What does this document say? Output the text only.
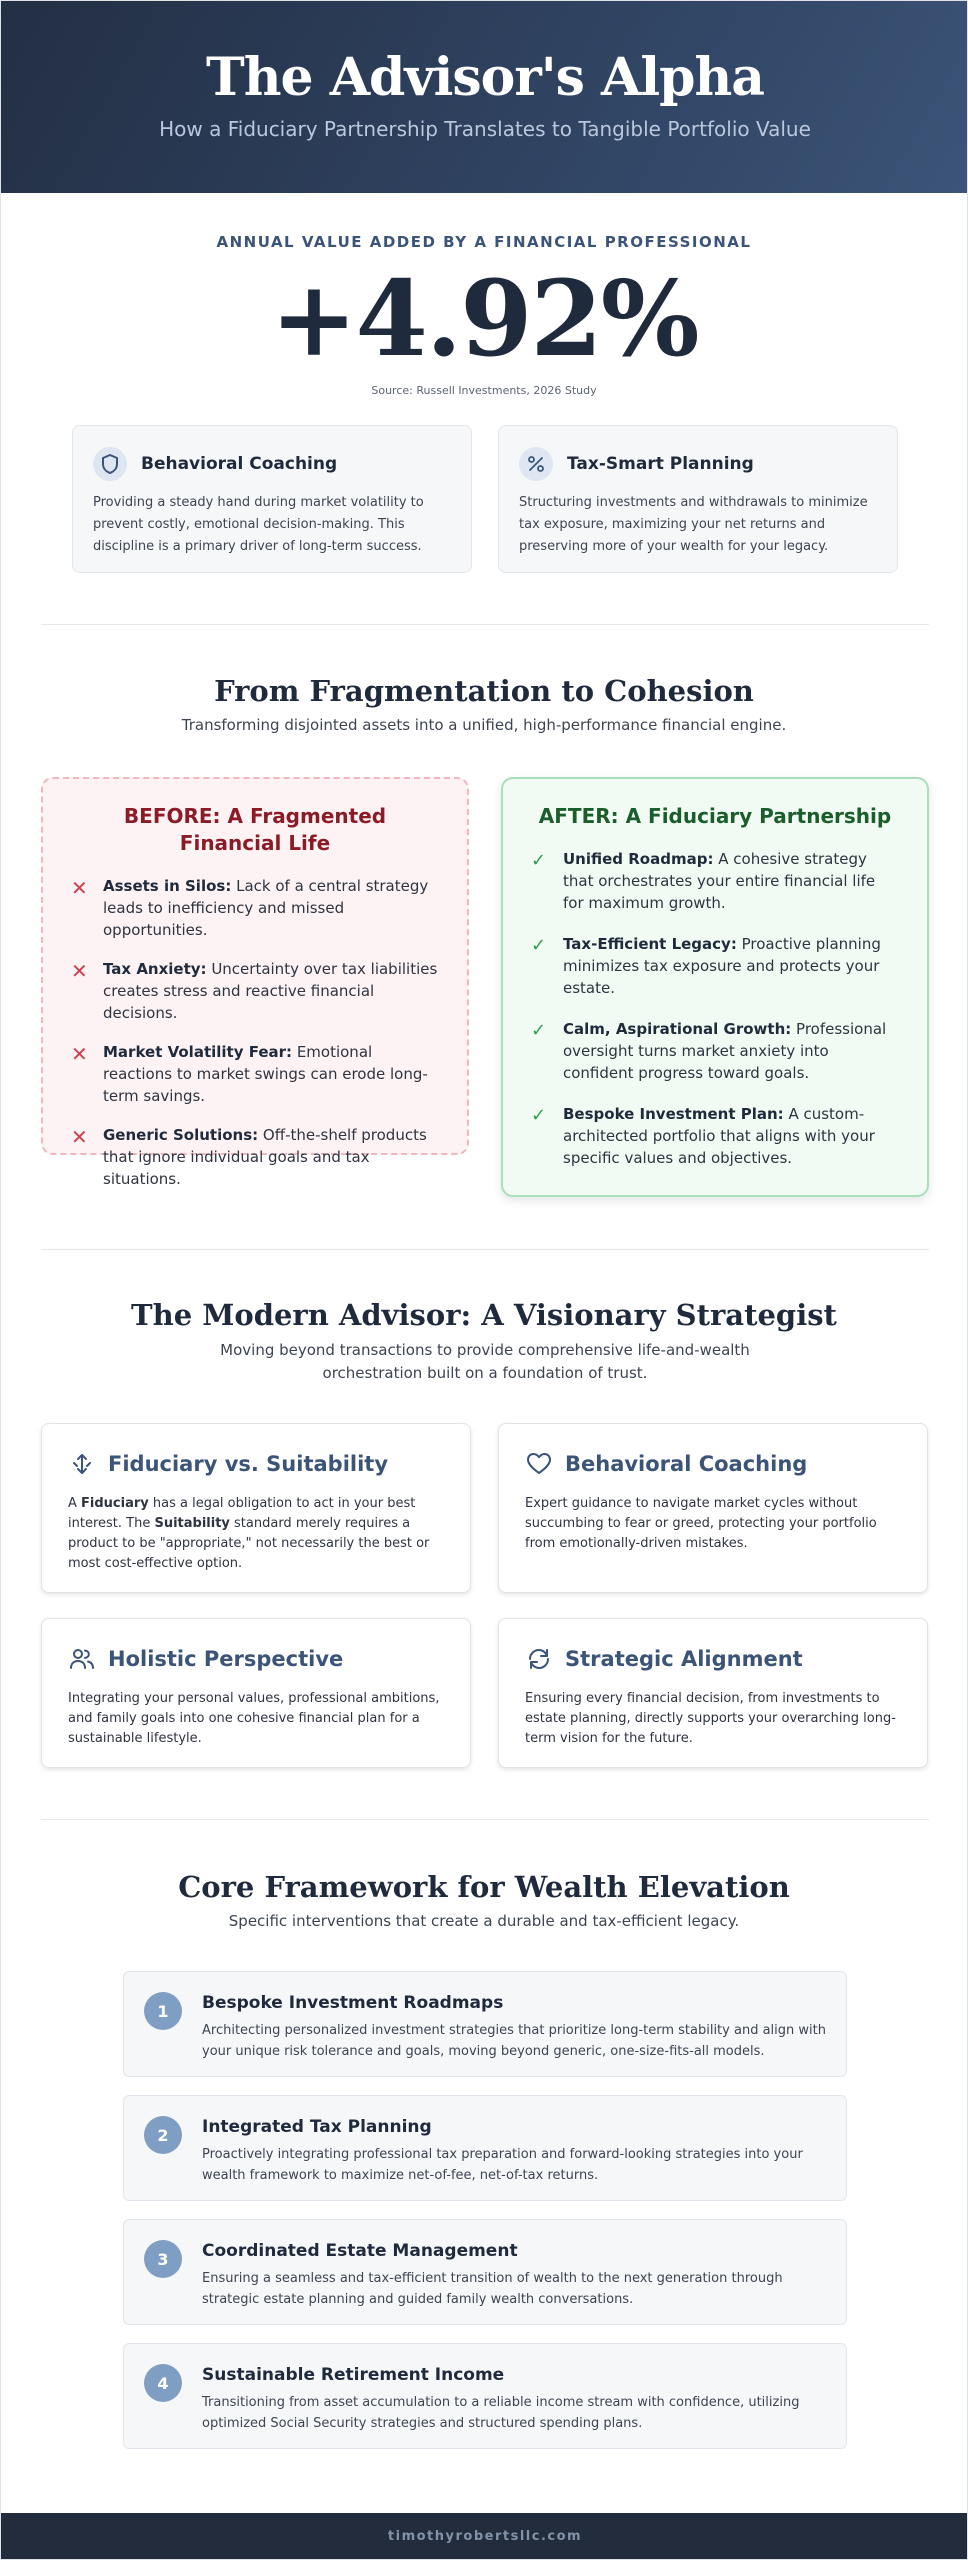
The Advisor's Alpha

How a Fiduciary Partnership Translates to Tangible Portfolio Value

ANNUAL VALUE ADDED BY A FINANCIAL PROFESSIONAL
+4.92%
Source: Russell Investments, 2026 Study
Behavioral Coaching
Providing a steady hand during market volatility to prevent costly, emotional decision-making. This discipline is a primary driver of long-term success.
Tax-Smart Planning
Structuring investments and withdrawals to minimize tax exposure, maximizing your net returns and preserving more of your wealth for your legacy.
From Fragmentation to Cohesion
Transforming disjointed assets into a unified, high-performance financial engine.
BEFORE: A Fragmented Financial Life
✕	Assets in Silos: Lack of a central strategy leads to inefficiency and missed opportunities.
✕	Tax Anxiety: Uncertainty over tax liabilities creates stress and reactive financial decisions.
✕	Market Volatility Fear: Emotional reactions to market swings can erode long-term savings.
✕	Generic Solutions: Off-the-shelf products that ignore individual goals and tax situations.
AFTER: A Fiduciary Partnership
✓	Unified Roadmap: A cohesive strategy that orchestrates your entire financial life for maximum growth.
✓	Tax-Efficient Legacy: Proactive planning minimizes tax exposure and protects your estate.
✓	Calm, Aspirational Growth: Professional oversight turns market anxiety into confident progress toward goals.
✓	Bespoke Investment Plan: A custom-architected portfolio that aligns with your specific values and objectives.
The Modern Advisor: A Visionary Strategist
Moving beyond transactions to provide comprehensive life-and-wealth orchestration built on a foundation of trust.
Fiduciary vs. Suitability
A Fiduciary has a legal obligation to act in your best interest. The Suitability standard merely requires a product to be "appropriate," not necessarily the best or most cost-effective option.
Behavioral Coaching
Expert guidance to navigate market cycles without succumbing to fear or greed, protecting your portfolio from emotionally-driven mistakes.
Holistic Perspective
Integrating your personal values, professional ambitions, and family goals into one cohesive financial plan for a sustainable lifestyle.
Strategic Alignment
Ensuring every financial decision, from investments to estate planning, directly supports your overarching long-term vision for the future.
Core Framework for Wealth Elevation
Specific interventions that create a durable and tax-efficient legacy.
1	Bespoke Investment Roadmaps
Architecting personalized investment strategies that prioritize long-term stability and align with your unique risk tolerance and goals, moving beyond generic, one-size-fits-all models.
2	Integrated Tax Planning
Proactively integrating professional tax preparation and forward-looking strategies into your wealth framework to maximize net-of-fee, net-of-tax returns.
3	Coordinated Estate Management
Ensuring a seamless and tax-efficient transition of wealth to the next generation through strategic estate planning and guided family wealth conversations.
4	Sustainable Retirement Income
Transitioning from asset accumulation to a reliable income stream with confidence, utilizing optimized Social Security strategies and structured spending plans.
timothyrobertsllc.com
